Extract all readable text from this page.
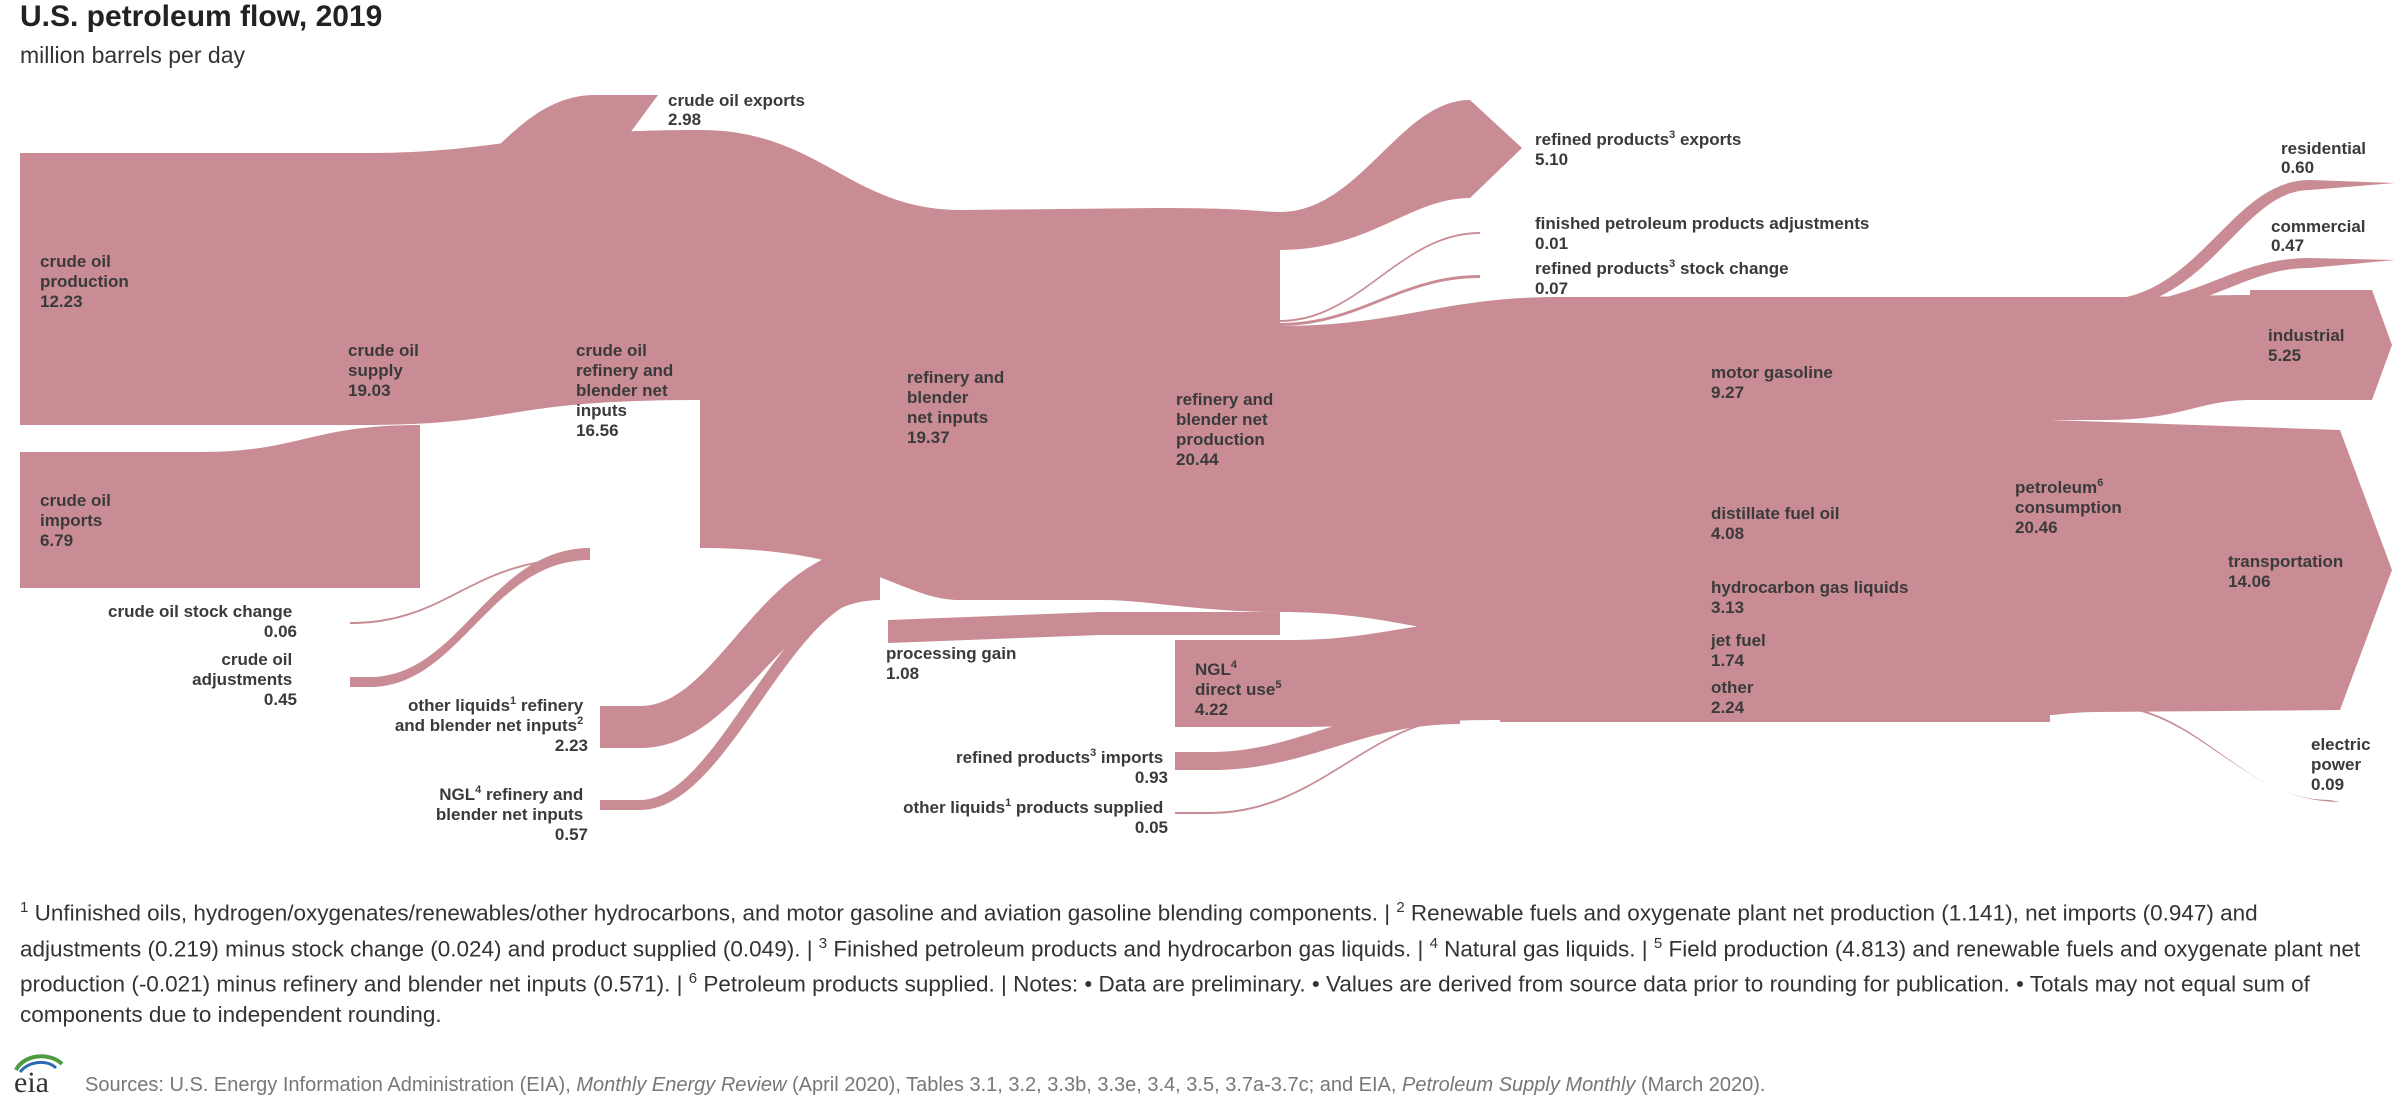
U.S. petroleum flow, 2019
million barrels per day
crude oil production 12.23
crude oil exports 2.98
crude oil imports 6.79
crude oil supply 19.03
crude oil refinery and blender net inputs 16.56
crude oil stock change 0.06
crude oil adjustments 0.45	other liquids$^1$ refinery and blender net inputs$^2$ 2.23
NGL$^4$ refinery and blender net inputs 0.57
refinery and blender net inputs 19.37
processing gain 1.08
refinery and blender net production 20.44
NGL$^4$ direct use$^5$ 4.22
refined products$^3$ imports 0.93
other liquids$^1$ products supplied 0.05
refined products$^3$ exports 5.10
finished petroleum products adjustments 0.01
refined products$^3$ stock change 0.07
motor gasoline 9.27
distillate fuel oil 4.08
hydrocarbon gas liquids 3.13
jet fuel 1.74
other 2.24
petroleum$^6$ consumption 20.46
residential 0.60
commercial 0.47
industrial 5.25
transportation 14.06
electric power 0.09
$^1$ Unfinished oils, hydrogen/oxygenates/renewables/other hydrocarbons, and motor gasoline and aviation gasoline blending components. | $^2$ Renewable fuels and oxygenate plant net production (1.141), net imports (0.947) and adjustments (0.219) minus stock change (0.024) and product supplied (0.049). | $^3$ Finished petroleum products and hydrocarbon gas liquids. | $^4$ Natural gas liquids. | $^5$ Field production (4.813) and renewable fuels and oxygenate plant net production (-0.021) minus refinery and blender net inputs (0.571). | $^6$ Petroleum products supplied. | Notes: • Data are preliminary. • Values are derived from source data prior to rounding for publication. • Totals may not equal sum of components due to independent rounding.
eia Sources: U.S. Energy Information Administration (EIA), Monthly Energy Review (April 2020), Tables 3.1, 3.2, 3.3b, 3.3e, 3.4, 3.5, 3.7a-3.7c; and EIA, Petroleum Supply Monthly (March 2020).
